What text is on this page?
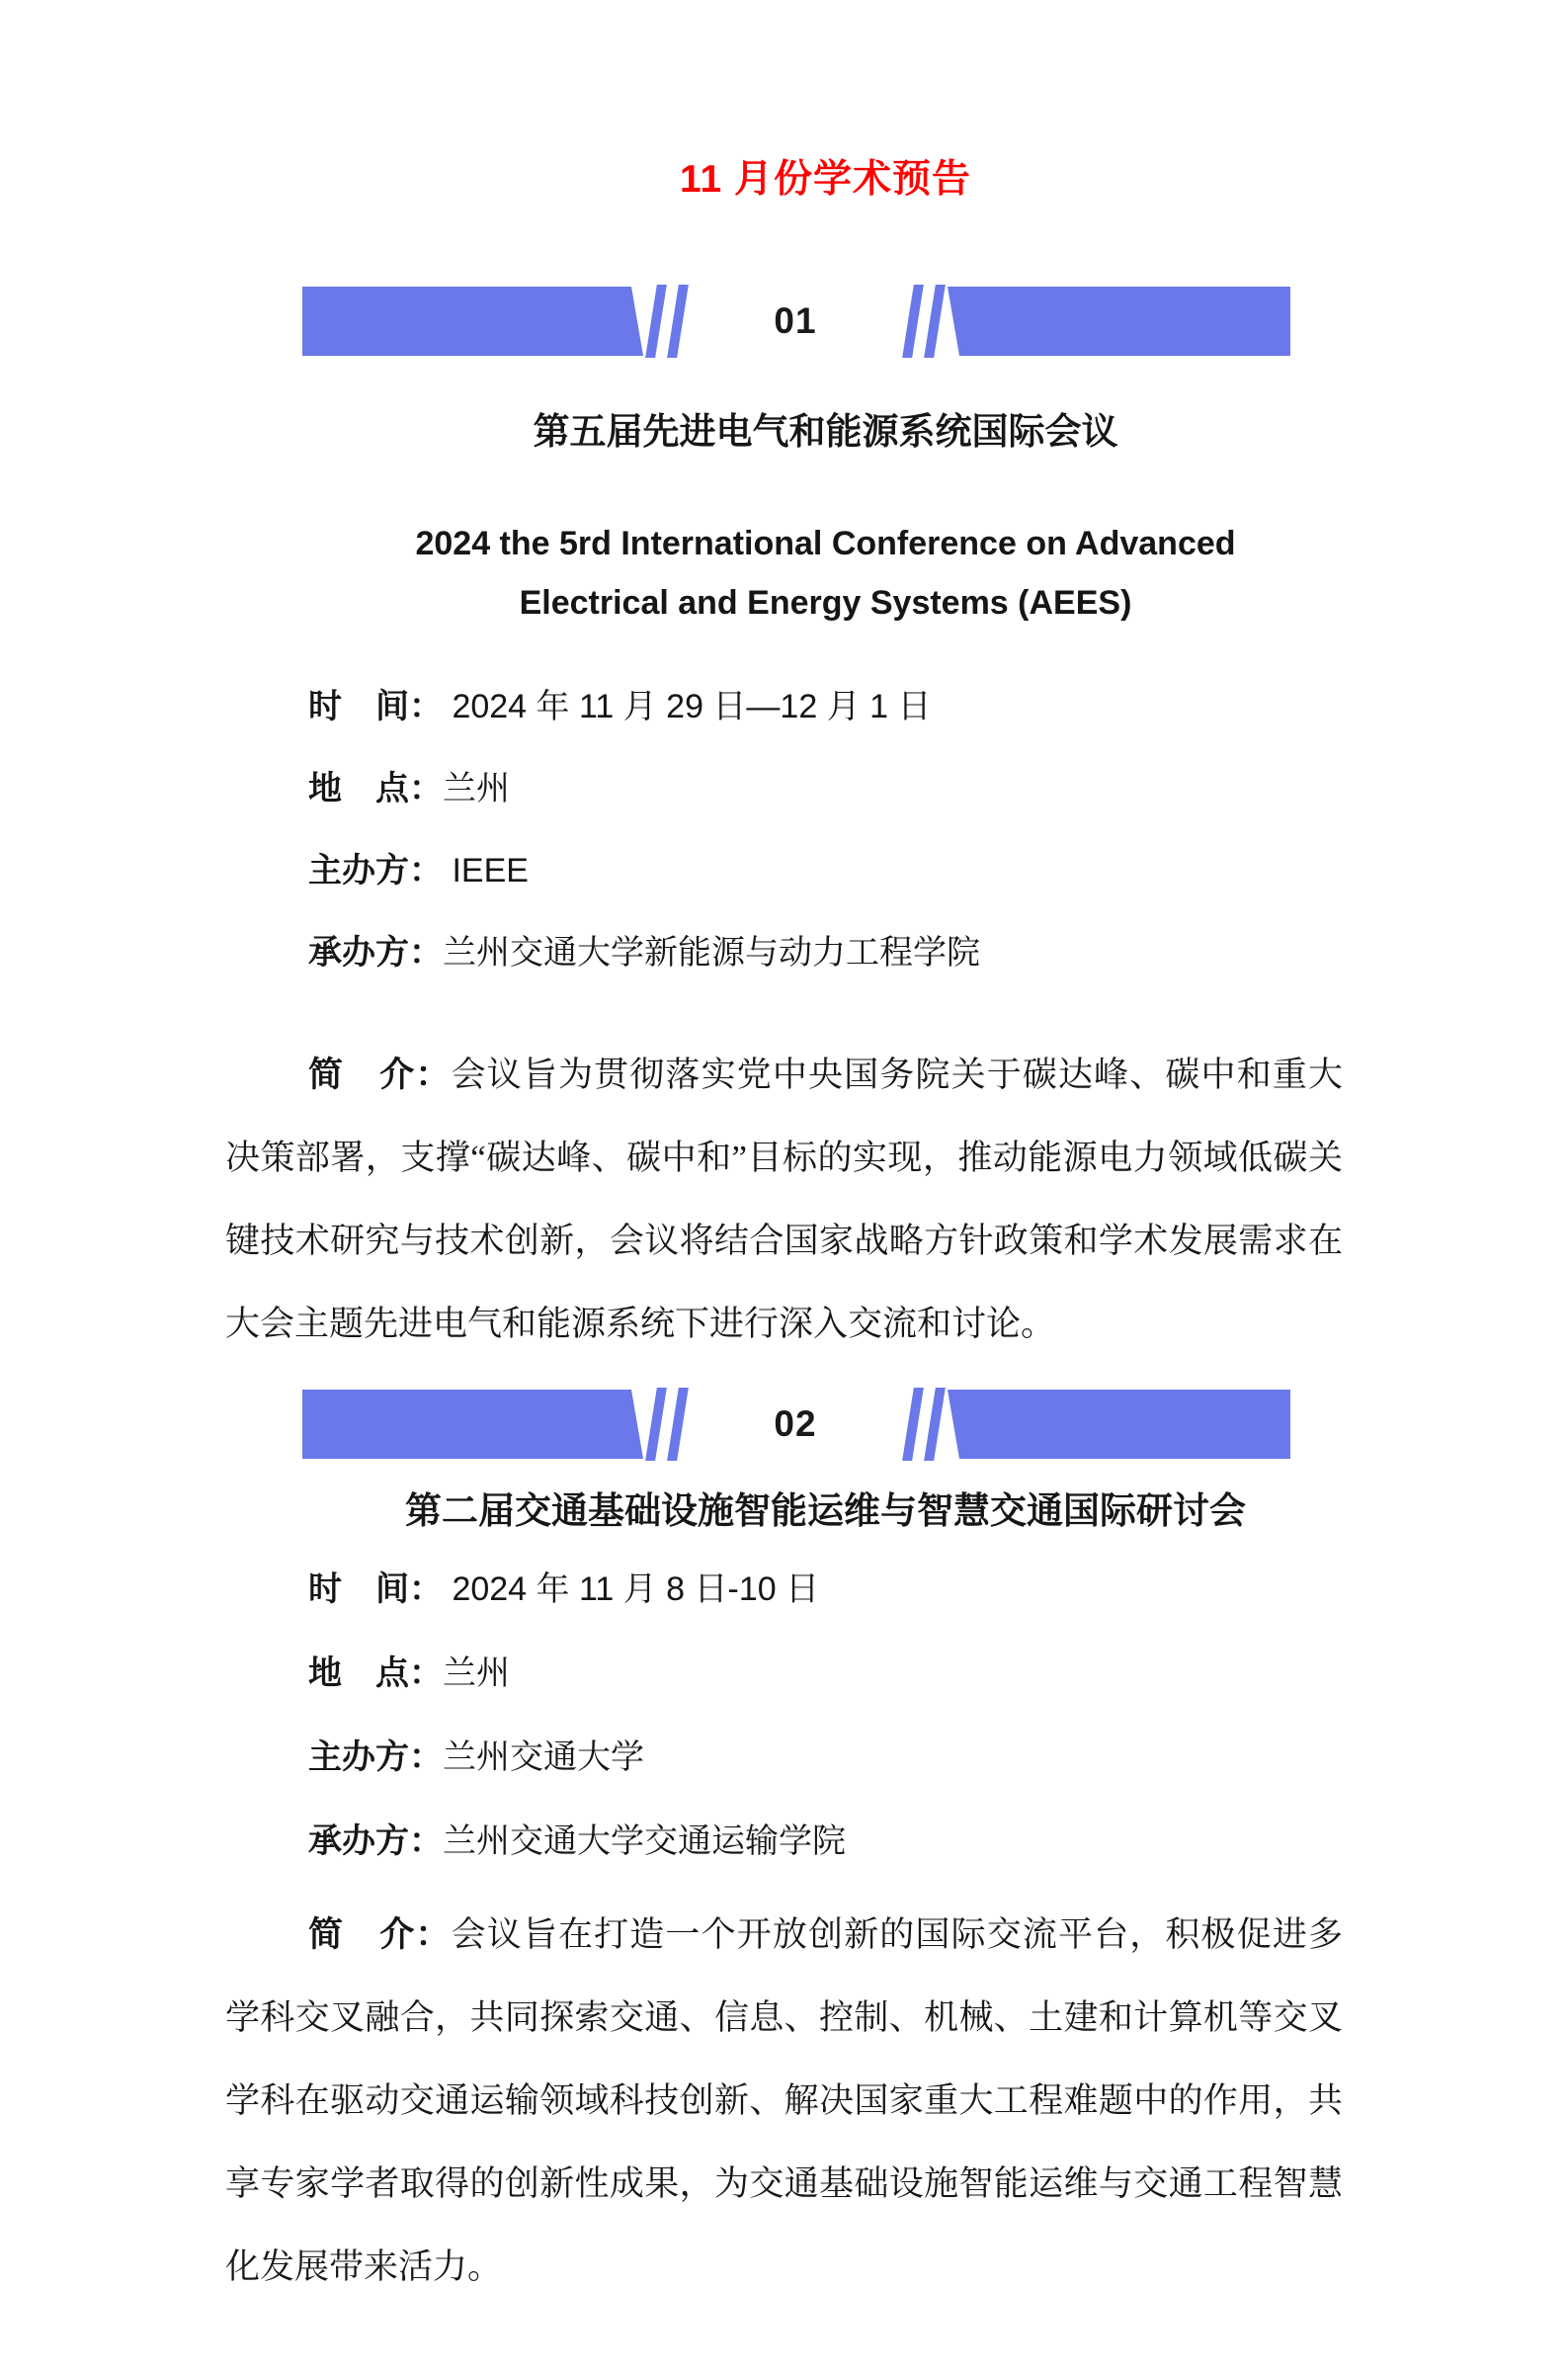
11 月份学术预告
01
第五届先进电气和能源系统国际会议
2024 the 5rd International Conference on Advanced
Electrical and Energy Systems (AEES)

时　间： 2024 年 11 月 29 日—12 月 1 日

地　点：兰州

主办方： IEEE

承办方：兰州交通大学新能源与动力工程学院

简　介：会议旨为贯彻落实党中央国务院关于碳达峰、碳中和重大决策部署，支撑“碳达峰、碳中和”目标的实现，推动能源电力领域低碳关键技术研究与技术创新，会议将结合国家战略方针政策和学术发展需求在大会主题先进电气和能源系统下进行深入交流和讨论。

02
第二届交通基础设施智能运维与智慧交通国际研讨会

时　间： 2024 年 11 月 8 日-10 日

地　点：兰州

主办方：兰州交通大学

承办方：兰州交通大学交通运输学院

简　介：会议旨在打造一个开放创新的国际交流平台，积极促进多学科交叉融合，共同探索交通、信息、控制、机械、土建和计算机等交叉学科在驱动交通运输领域科技创新、解决国家重大工程难题中的作用，共享专家学者取得的创新性成果，为交通基础设施智能运维与交通工程智慧化发展带来活力。
